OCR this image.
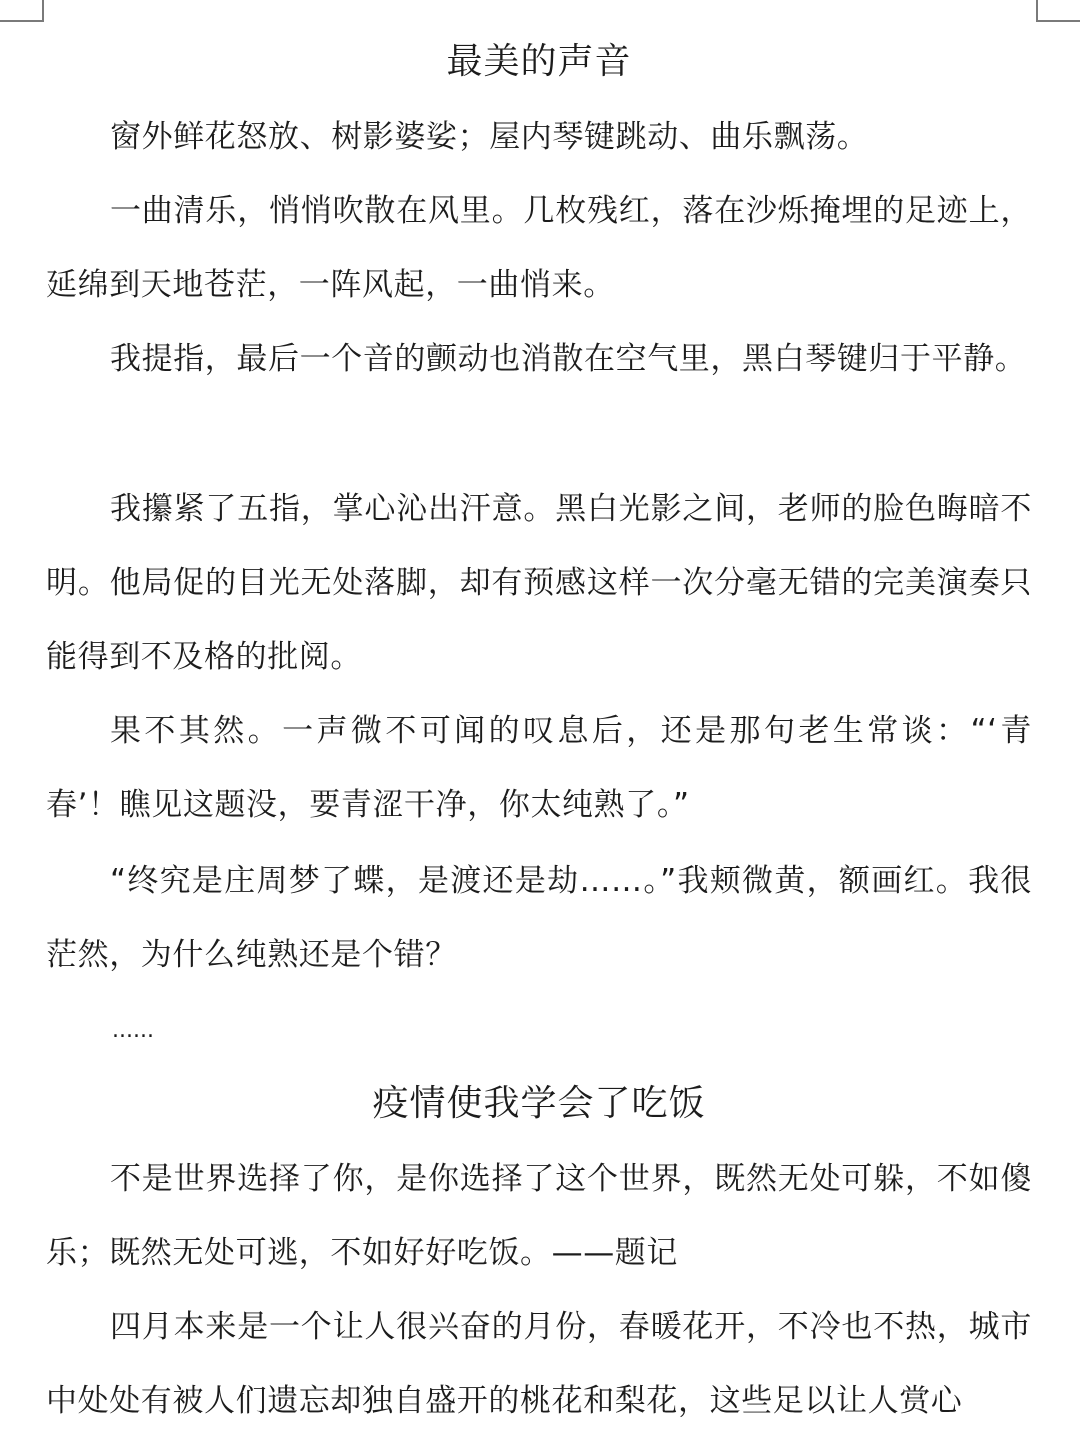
最美的声音

窗外鲜花怒放、树影婆娑；屋内琴键跳动、曲乐飘荡。

一曲清乐，悄悄吹散在风里。几枚残红，落在沙烁掩埋的足迹上，延绵到天地苍茫，一阵风起，一曲悄来。

我提指，最后一个音的颤动也消散在空气里，黑白琴键归于平静。

我攥紧了五指，掌心沁出汗意。黑白光影之间，老师的脸色晦暗不明。他局促的目光无处落脚，却有预感这样一次分毫无错的完美演奏只能得到不及格的批阅。

果不其然。一声微不可闻的叹息后，还是那句老生常谈：“‘青春’！瞧见这题没，要青涩干净，你太纯熟了。”

“终究是庄周梦了蝶，是渡还是劫……。”我颊微黄，额画红。我很茫然，为什么纯熟还是个错？

......

疫情使我学会了吃饭

不是世界选择了你，是你选择了这个世界，既然无处可躲，不如傻乐；既然无处可逃，不如好好吃饭。——题记

四月本来是一个让人很兴奋的月份，春暖花开，不冷也不热，城市中处处有被人们遗忘却独自盛开的桃花和梨花，这些足以让人赏心
